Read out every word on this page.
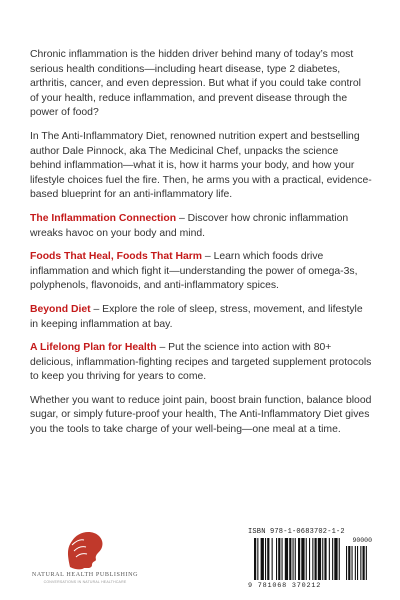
Chronic inflammation is the hidden driver behind many of today’s most serious health conditions—including heart disease, type 2 diabetes, arthritis, cancer, and even depression. But what if you could take control of your health, reduce inflammation, and prevent disease through the power of food?

In The Anti-Inflammatory Diet, renowned nutrition expert and bestselling author Dale Pinnock, aka The Medicinal Chef, unpacks the science behind inflammation—what it is, how it harms your body, and how your lifestyle choices fuel the fire. Then, he arms you with a practical, evidence-based blueprint for an anti-inflammatory life.

The Inflammation Connection – Discover how chronic inflammation wreaks havoc on your body and mind.

Foods That Heal, Foods That Harm – Learn which foods drive inflammation and which fight it—understanding the power of omega-3s, polyphenols, flavonoids, and anti-inflammatory spices.

Beyond Diet – Explore the role of sleep, stress, movement, and lifestyle in keeping inflammation at bay.

A Lifelong Plan for Health – Put the science into action with 80+ delicious, inflammation-fighting recipes and targeted supplement protocols to keep you thriving for years to come.

Whether you want to reduce joint pain, boost brain function, balance blood sugar, or simply future-proof your health, The Anti-Inflammatory Diet gives you the tools to take charge of your well-being—one meal at a time.

NATURAL HEALTH PUBLISHING
CONVERSATIONS IN NATURAL HEALTHCARE
ISBN 978-1-0683702-1-2
90000
9 781068 370212
